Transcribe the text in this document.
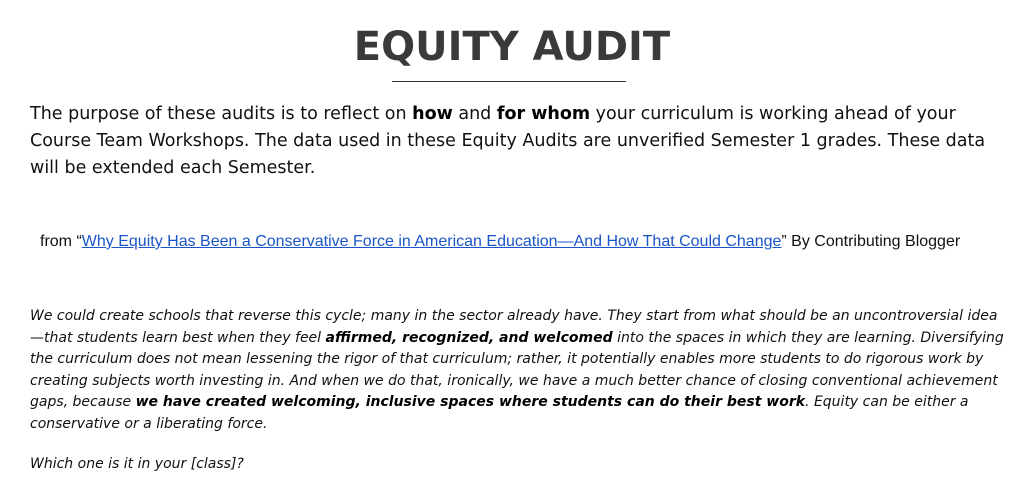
EQUITY AUDIT

The purpose of these audits is to reflect on how and for whom your curriculum is working ahead of your Course Team Workshops. The data used in these Equity Audits are unverified Semester 1 grades. These data will be extended each Semester.

from “Why Equity Has Been a Conservative Force in American Education—And How That Could Change” By Contributing Blogger

We could create schools that reverse this cycle; many in the sector already have. They start from what should be an uncontroversial idea—that students learn best when they feel affirmed, recognized, and welcomed into the spaces in which they are learning. Diversifying the curriculum does not mean lessening the rigor of that curriculum; rather, it potentially enables more students to do rigorous work by creating subjects worth investing in. And when we do that, ironically, we have a much better chance of closing conventional achievement gaps, because we have created welcoming, inclusive spaces where students can do their best work. Equity can be either a conservative or a liberating force.

Which one is it in your [class]?
